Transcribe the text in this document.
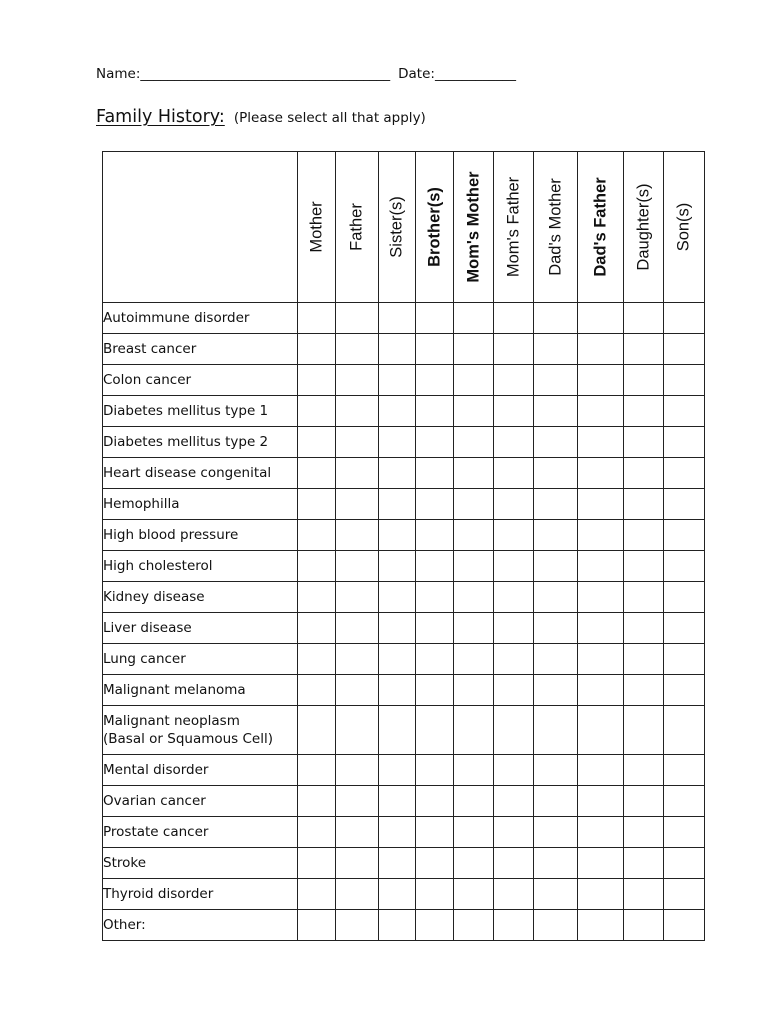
Name:_____________________________________ Date:____________
Family History: (Please select all that apply)

	Mother	Father	Sister(s)	Brother(s)	Mom's Mother	Mom's Father	Dad's Mother	Dad's Father	Daughter(s)	Son(s)

Autoimmune disorder										
Breast cancer										
Colon cancer										
Diabetes mellitus type 1										
Diabetes mellitus type 2										
Heart disease congenital										
Hemophilla										
High blood pressure										
High cholesterol										
Kidney disease										
Liver disease										
Lung cancer										
Malignant melanoma										
Malignant neoplasm
(Basal or Squamous Cell)										
Mental disorder										
Ovarian cancer										
Prostate cancer										
Stroke										
Thyroid disorder										
Other:										
